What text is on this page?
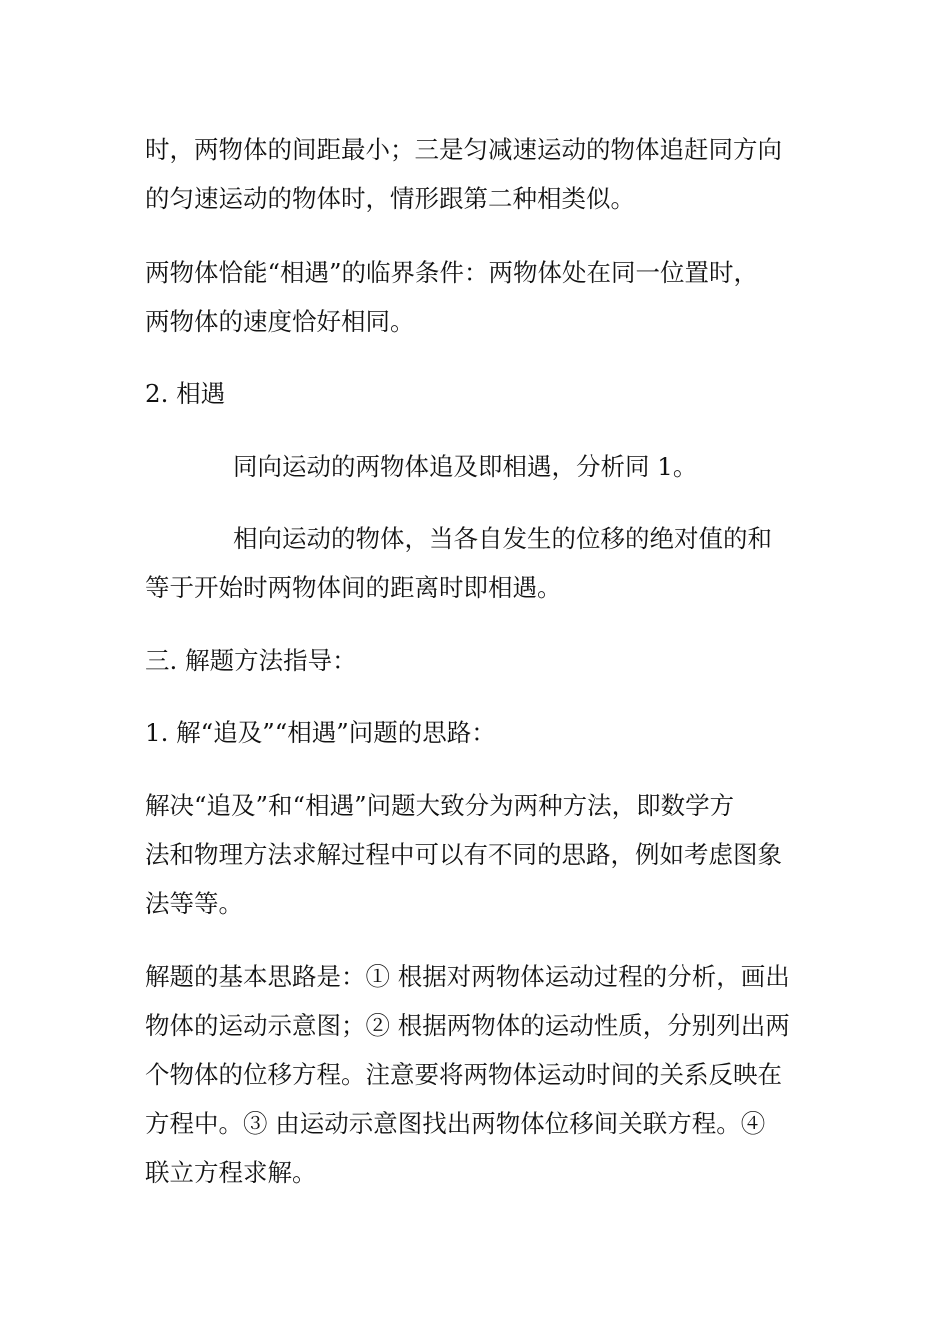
时，两物体的间距最小；三是匀减速运动的物体追赶同方向
的匀速运动的物体时，情形跟第二种相类似。
两物体恰能“相遇”的临界条件：两物体处在同一位置时，
两物体的速度恰好相同。
2. 相遇
同向运动的两物体追及即相遇，分析同 1。
相向运动的物体，当各自发生的位移的绝对值的和
等于开始时两物体间的距离时即相遇。
三. 解题方法指导：
1. 解“追及”“相遇”问题的思路：
解决“追及”和“相遇”问题大致分为两种方法，即数学方
法和物理方法求解过程中可以有不同的思路，例如考虑图象
法等等。
解题的基本思路是：① 根据对两物体运动过程的分析，画出
物体的运动示意图；② 根据两物体的运动性质，分别列出两
个物体的位移方程。注意要将两物体运动时间的关系反映在
方程中。③ 由运动示意图找出两物体位移间关联方程。④
联立方程求解。
